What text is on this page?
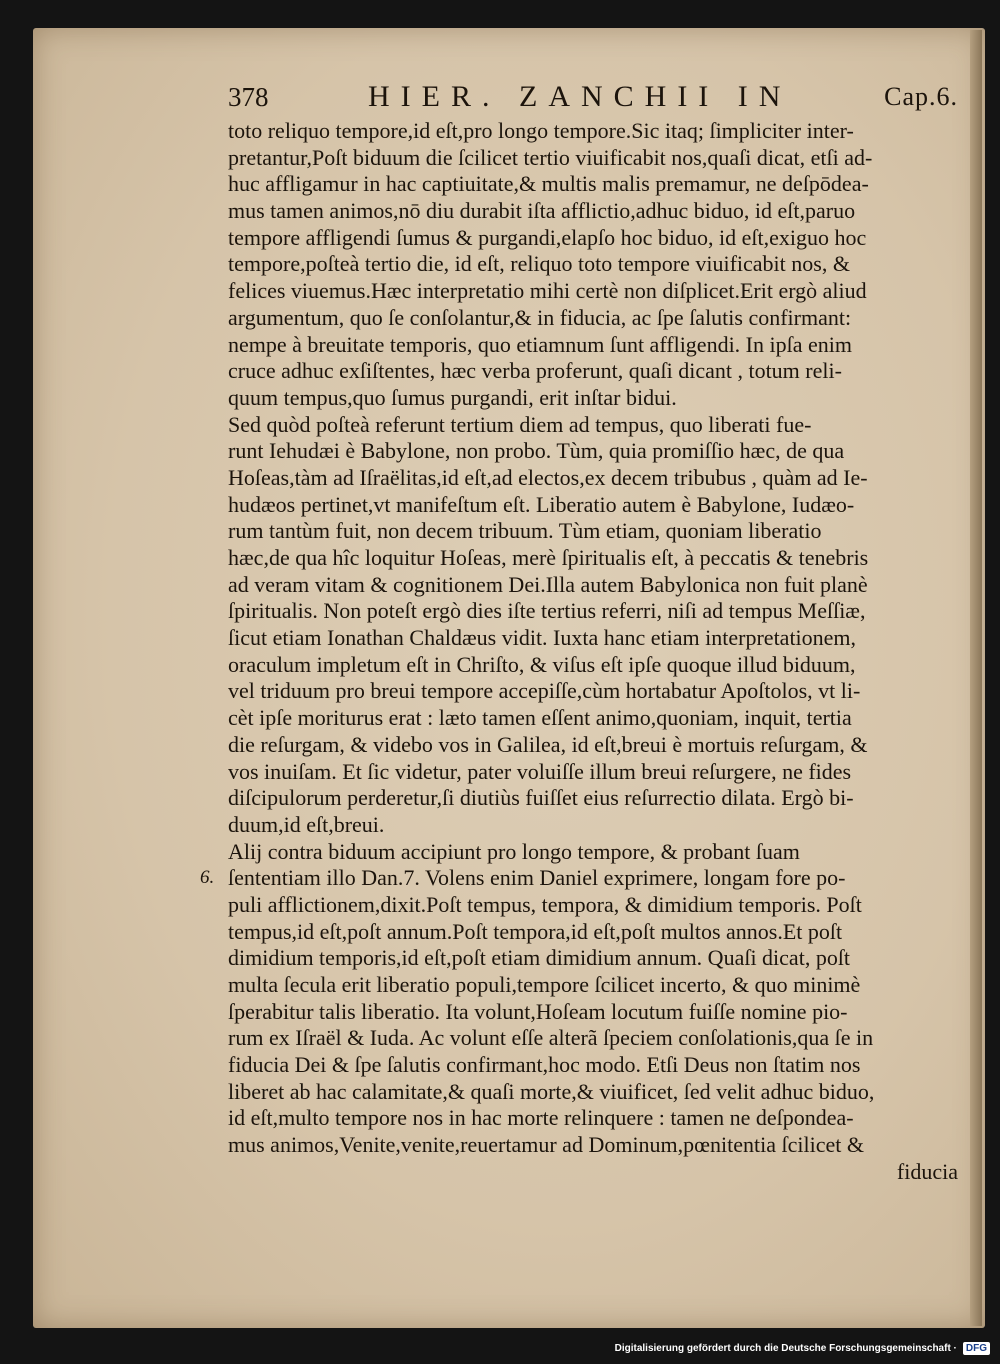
378	HIER. ZANCHII IN	Cap.6.
6.
toto reliquo tempore,id eſt,pro longo tempore.Sic itaq; ſimpliciter inter-
pretantur,Poſt biduum die ſcilicet tertio viuificabit nos,quaſi dicat, etſi ad-
huc affligamur in hac captiuitate,& multis malis premamur, ne deſpōdea-
mus tamen animos,nō diu durabit iſta afflictio,adhuc biduo, id eſt,paruo
tempore affligendi ſumus & purgandi,elapſo hoc biduo, id eſt,exiguo hoc
tempore,poſteà tertio die, id eſt, reliquo toto tempore viuificabit nos, &
felices viuemus.Hæc interpretatio mihi certè non diſplicet.Erit ergò aliud
argumentum, quo ſe conſolantur,& in fiducia, ac ſpe ſalutis confirmant:
nempe à breuitate temporis, quo etiamnum ſunt affligendi. In ipſa enim
cruce adhuc exſiſtentes, hæc verba proferunt, quaſi dicant , totum reli-
quum tempus,quo ſumus purgandi, erit inſtar bidui.
Sed quòd poſteà referunt tertium diem ad tempus, quo liberati fue-
runt Iehudæi è Babylone, non probo. Tùm, quia promiſſio hæc, de qua
Hoſeas,tàm ad Iſraëlitas,id eſt,ad electos,ex decem tribubus , quàm ad Ie-
hudæos pertinet,vt manifeſtum eſt. Liberatio autem è Babylone, Iudæo-
rum tantùm fuit, non decem tribuum. Tùm etiam, quoniam liberatio
hæc,de qua hîc loquitur Hoſeas, merè ſpiritualis eſt, à peccatis & tenebris
ad veram vitam & cognitionem Dei.Illa autem Babylonica non fuit planè
ſpiritualis. Non poteſt ergò dies iſte tertius referri, niſi ad tempus Meſſiæ,
ſicut etiam Ionathan Chaldæus vidit. Iuxta hanc etiam interpretationem,
oraculum impletum eſt in Chriſto, & viſus eſt ipſe quoque illud biduum,
vel triduum pro breui tempore accepiſſe,cùm hortabatur Apoſtolos, vt li-
cèt ipſe moriturus erat : læto tamen eſſent animo,quoniam, inquit, tertia
die reſurgam, & videbo vos in Galilea, id eſt,breui è mortuis reſurgam, &
vos inuiſam. Et ſic videtur, pater voluiſſe illum breui reſurgere, ne fides
diſcipulorum perderetur,ſi diutiùs fuiſſet eius reſurrectio dilata. Ergò bi-
duum,id eſt,breui.
Alij contra biduum accipiunt pro longo tempore, & probant ſuam
ſententiam illo Dan.7. Volens enim Daniel exprimere, longam fore po-
puli afflictionem,dixit.Poſt tempus, tempora, & dimidium temporis. Poſt
tempus,id eſt,poſt annum.Poſt tempora,id eſt,poſt multos annos.Et poſt
dimidium temporis,id eſt,poſt etiam dimidium annum. Quaſi dicat, poſt
multa ſecula erit liberatio populi,tempore ſcilicet incerto, & quo minimè
ſperabitur talis liberatio. Ita volunt,Hoſeam locutum fuiſſe nomine pio-
rum ex Iſraël & Iuda. Ac volunt eſſe alterã ſpeciem conſolationis,qua ſe in
fiducia Dei & ſpe ſalutis confirmant,hoc modo. Etſi Deus non ſtatim nos
liberet ab hac calamitate,& quaſi morte,& viuificet, ſed velit adhuc biduo,
id eſt,multo tempore nos in hac morte relinquere : tamen ne deſpondea-
mus animos,Venite,venite,reuertamur ad Dominum,pœnitentia ſcilicet &
fiducia
Digitalisierung gefördert durch die Deutsche Forschungsgemeinschaft · DFG
